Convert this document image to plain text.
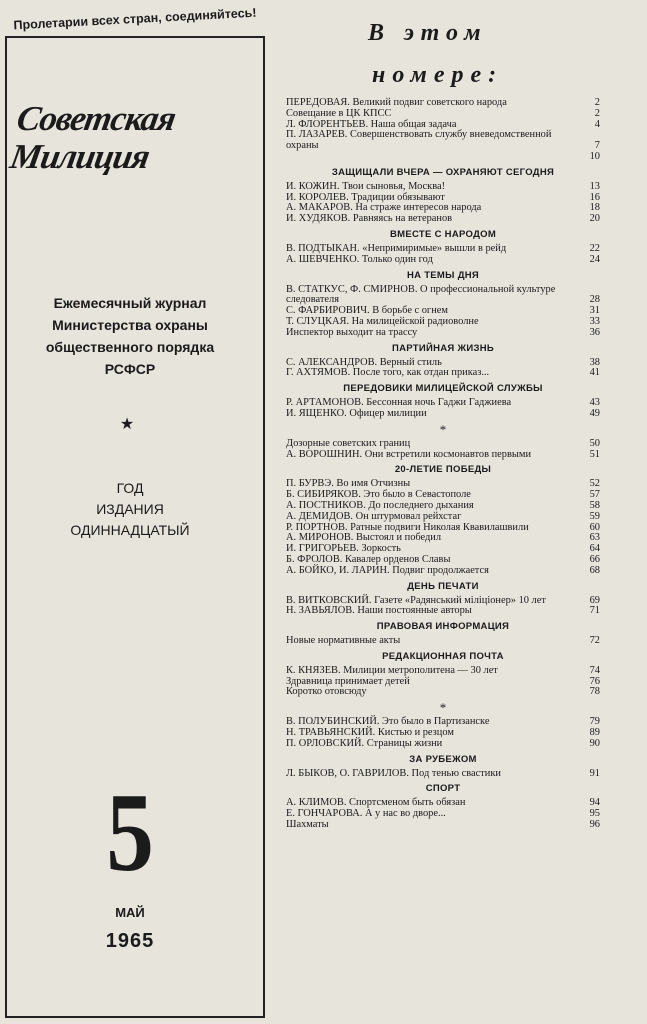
Пролетарии всех стран, соединяйтесь!
Советская
Милиция
Ежемесячный журнал
Министерства охраны
общественного порядка
РСФСР
★
ГОД
ИЗДАНИЯ
ОДИННАДЦАТЫЙ
5
МАЙ
1965
В этом
номере:
ПЕРЕДОВАЯ. Великий подвиг советского народа	2
Совещание в ЦК КПСС	2
Л. ФЛОРЕНТЬЕВ. Наша общая задача	4
П. ЛАЗАРЕВ. Совершенствовать службу вневедомственной охраны	7
10
ЗАЩИЩАЛИ ВЧЕРА — ОХРАНЯЮТ СЕГОДНЯ
И. КОЖИН. Твои сыновья, Москва!	13
И. КОРОЛЕВ. Традиции обязывают	16
А. МАКАРОВ. На страже интересов народа	18
И. ХУДЯКОВ. Равняясь на ветеранов	20
ВМЕСТЕ С НАРОДОМ
В. ПОДТЫКАН. «Непримиримые» вышли в рейд	22
А. ШЕВЧЕНКО. Только один год	24
НА ТЕМЫ ДНЯ
В. СТАТКУС, Ф. СМИРНОВ. О профессиональной культуре следователя	28
С. ФАРБИРОВИЧ. В борьбе с огнем	31
Т. СЛУЦКАЯ. На милицейской радиоволне	33
Инспектор выходит на трассу	36
ПАРТИЙНАЯ ЖИЗНЬ
С. АЛЕКСАНДРОВ. Верный стиль	38
Г. АХТЯМОВ. После того, как отдан приказ...	41
ПЕРЕДОВИКИ МИЛИЦЕЙСКОЙ СЛУЖБЫ
Р. АРТАМОНОВ. Бессонная ночь Гаджи Гаджиева	43
И. ЯЩЕНКО. Офицер милиции	49
*
Дозорные советских границ	50
А. ВОРОШНИН. Они встретили космонавтов первыми	51
20-ЛЕТИЕ ПОБЕДЫ
П. БУРВЭ. Во имя Отчизны	52
Б. СИБИРЯКОВ. Это было в Севастополе	57
А. ПОСТНИКОВ. До последнего дыхания	58
А. ДЕМИДОВ. Он штурмовал рейхстаг	59
Р. ПОРТНОВ. Ратные подвиги Николая Квавилашвили	60
А. МИРОНОВ. Выстоял и победил	63
И. ГРИГОРЬЕВ. Зоркость	64
Б. ФРОЛОВ. Кавалер орденов Славы	66
А. БОЙКО, И. ЛАРИН. Подвиг продолжается	68
ДЕНЬ ПЕЧАТИ
В. ВИТКОВСКИЙ. Газете «Радянський міліціонер» 10 лет	69
Н. ЗАВЬЯЛОВ. Наши постоянные авторы	71
ПРАВОВАЯ ИНФОРМАЦИЯ
Новые нормативные акты	72
РЕДАКЦИОННАЯ ПОЧТА
К. КНЯЗЕВ. Милиции метрополитена — 30 лет	74
Здравница принимает детей	76
Коротко отовсюду	78
*
В. ПОЛУБИНСКИЙ. Это было в Партизанске	79
Н. ТРАВЬЯНСКИЙ. Кистью и резцом	89
П. ОРЛОВСКИЙ. Страницы жизни	90
ЗА РУБЕЖОМ
Л. БЫКОВ, О. ГАВРИЛОВ. Под тенью свастики	91
СПОРТ
А. КЛИМОВ. Спортсменом быть обязан	94
Е. ГОНЧАРОВА. А у нас во дворе...	95
Шахматы	96
